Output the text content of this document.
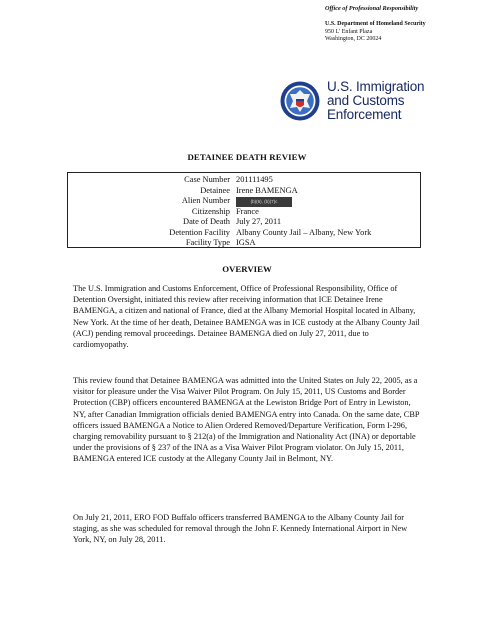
Office of Professional Responsibility
U.S. Department of Homeland Security
950 L' Enfant Plaza
Washington, DC 20024
U.S. Immigration
and Customs
Enforcement
DETAINEE DEATH REVIEW
Case Number 201111495
Detainee Irene BAMENGA
Alien Number	(b)(6), (b)(7)c
Citizenship France
Date of Death July 27, 2011
Detention Facility Albany County Jail – Albany, New York
Facility Type IGSA
OVERVIEW

The U.S. Immigration and Customs Enforcement, Office of Professional Responsibility, Office of Detention Oversight, initiated this review after receiving information that ICE Detainee Irene BAMENGA, a citizen and national of France, died at the Albany Memorial Hospital located in Albany, New York. At the time of her death, Detainee BAMENGA was in ICE custody at the Albany County Jail (ACJ) pending removal proceedings. Detainee BAMENGA died on July 27, 2011, due to cardiomyopathy.

This review found that Detainee BAMENGA was admitted into the United States on July 22, 2005, as a visitor for pleasure under the Visa Waiver Pilot Program. On July 15, 2011, US Customs and Border Protection (CBP) officers encountered BAMENGA at the Lewiston Bridge Port of Entry in Lewiston, NY, after Canadian Immigration officials denied BAMENGA entry into Canada. On the same date, CBP officers issued BAMENGA a Notice to Alien Ordered Removed/Departure Verification, Form I-296, charging removability pursuant to § 212(a) of the Immigration and Nationality Act (INA) or deportable under the provisions of § 237 of the INA as a Visa Waiver Pilot Program violator. On July 15, 2011, BAMENGA entered ICE custody at the Allegany County Jail in Belmont, NY.

On July 21, 2011, ERO FOD Buffalo officers transferred BAMENGA to the Albany County Jail for staging, as she was scheduled for removal through the John F. Kennedy International Airport in New York, NY, on July 28, 2011.
